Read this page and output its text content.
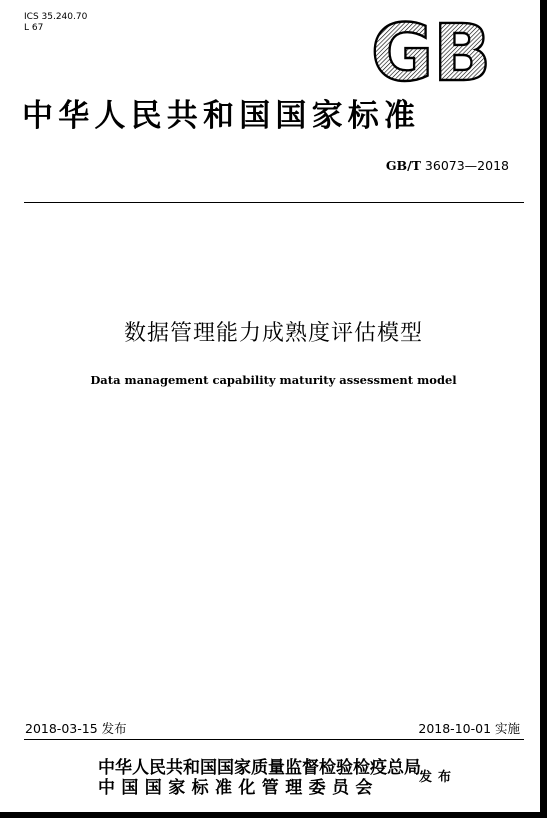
ICS 35.240.70
L 67	GB
中华人民共和国国家标准
GB/T 36073—2018
数据管理能力成熟度评估模型
Data management capability maturity assessment model
2018-03-15 发布	2018-10-01 实施
中华人民共和国国家质量监督检验检疫总局
中国国家标准化管理委员会
发布
